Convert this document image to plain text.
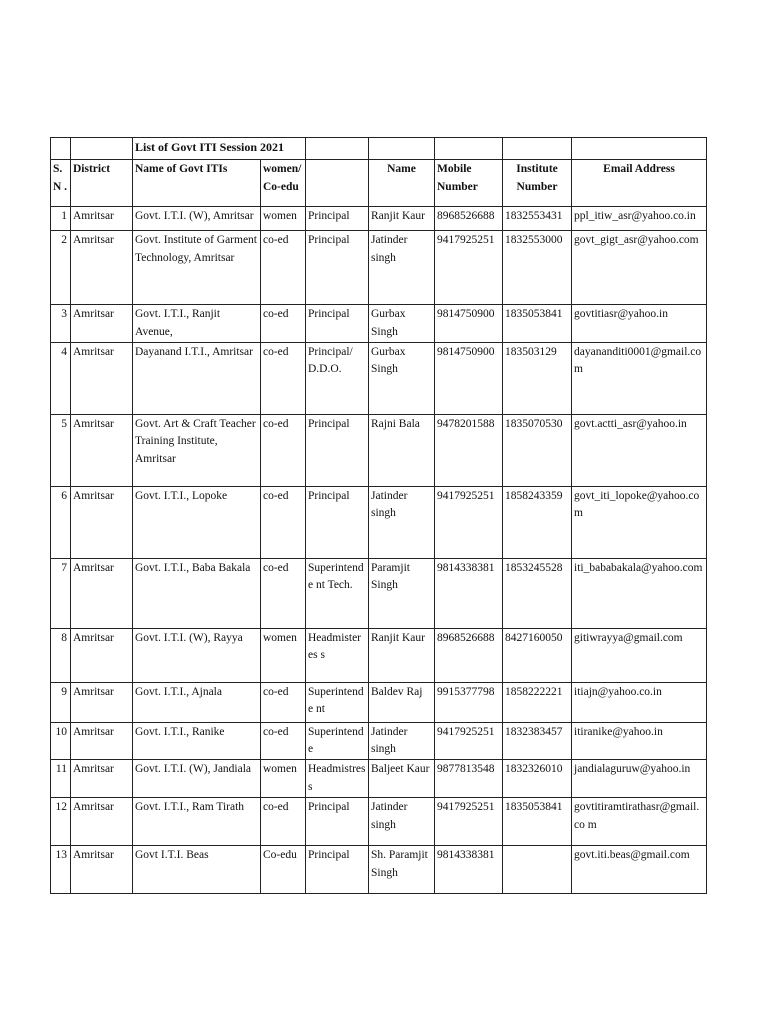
		List of Govt ITI Session 2021						
S.N .	District	Name of Govt ITIs	women/ Co-edu		Name	Mobile Number	Institute Number	Email Address
1	Amritsar	Govt. I.T.I. (W), Amritsar	women	Principal	Ranjit Kaur	8968526688	1832553431	ppl_itiw_asr@yahoo.co.in
2	Amritsar	Govt. Institute of Garment Technology, Amritsar	co-ed	Principal	Jatinder singh	9417925251	1832553000	govt_gigt_asr@yahoo.com
3	Amritsar	Govt. I.T.I., Ranjit Avenue,	co-ed	Principal	Gurbax Singh	9814750900	1835053841	govtitiasr@yahoo.in
4	Amritsar	Dayanand I.T.I., Amritsar	co-ed	Principal/ D.D.O.	Gurbax Singh	9814750900	183503129	dayananditi0001@gmail.com
5	Amritsar	Govt. Art & Craft Teacher Training Institute, Amritsar	co-ed	Principal	Rajni Bala	9478201588	1835070530	govt.actti_asr@yahoo.in
6	Amritsar	Govt. I.T.I., Lopoke	co-ed	Principal	Jatinder singh	9417925251	1858243359	govt_iti_lopoke@yahoo.com
7	Amritsar	Govt. I.T.I., Baba Bakala	co-ed	Superintende nt Tech.	Paramjit Singh	9814338381	1853245528	iti_bababakala@yahoo.com
8	Amritsar	Govt. I.T.I. (W), Rayya	women	Headmisteres s	Ranjit Kaur	8968526688	8427160050	gitiwrayya@gmail.com
9	Amritsar	Govt. I.T.I., Ajnala	co-ed	Superintende nt	Baldev Raj	9915377798	1858222221	itiajn@yahoo.co.in
10	Amritsar	Govt. I.T.I., Ranike	co-ed	Superintende	Jatinder singh	9417925251	1832383457	itiranike@yahoo.in
11	Amritsar	Govt. I.T.I. (W), Jandiala	women	Headmistress	Baljeet Kaur	9877813548	1832326010	jandialaguruw@yahoo.in
12	Amritsar	Govt. I.T.I., Ram Tirath	co-ed	Principal	Jatinder singh	9417925251	1835053841	govtitiramtirathasr@gmail.co m
13	Amritsar	Govt I.T.I. Beas	Co-edu	Principal	Sh. Paramjit Singh	9814338381		govt.iti.beas@gmail.com
